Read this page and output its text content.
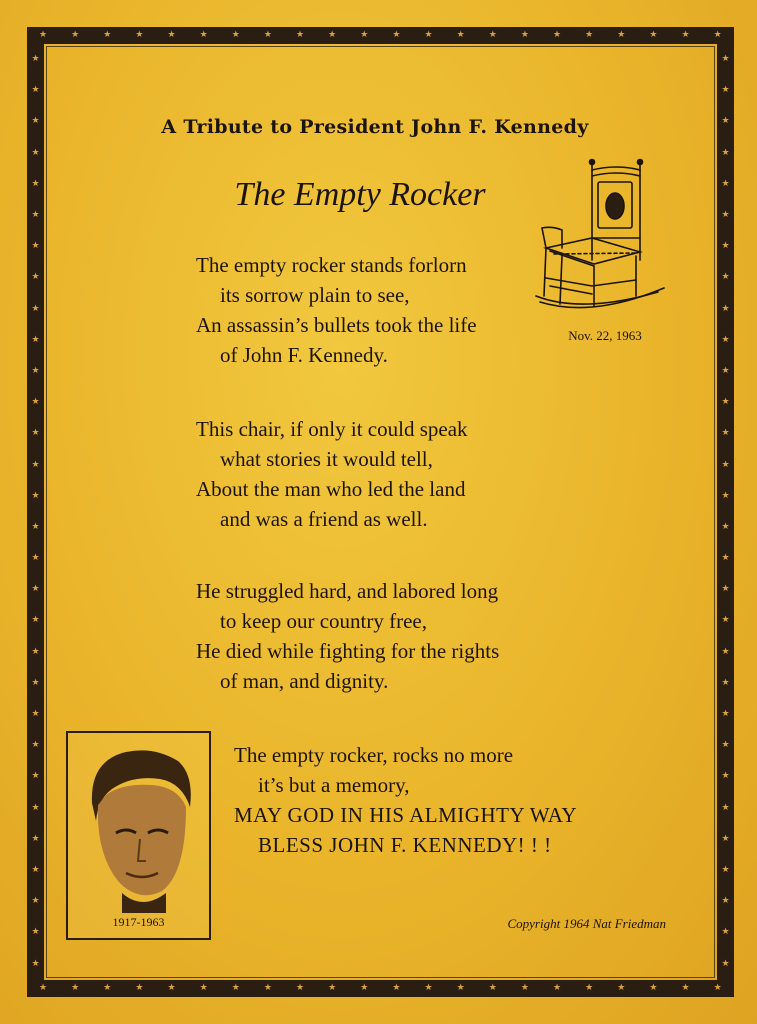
★	★	★	★	★	★	★	★	★	★	★	★	★	★	★	★	★	★	★	★	★	★
★	★	★	★	★	★	★	★	★	★	★	★	★	★	★	★	★	★	★	★	★	★
★
★
★
★
★
★
★
★
★
★
★
★
★
★
★
★
★
★
★
★
★
★
★
★
★
★
★
★
★
★
★
★
★
★
★
★
★
★
★
★
★
★
★
★
★
★
★
★
★
★
★
★
★
★
★
★
★
★
★
★
A Tribute to President John F. Kennedy
The Empty Rocker
The empty rocker stands forlorn
its sorrow plain to see,
An assassin’s bullets took the life
of John F. Kennedy.
This chair, if only it could speak
what stories it would tell,
About the man who led the land
and was a friend as well.
He struggled hard, and labored long
to keep our country free,
He died while fighting for the rights
of man, and dignity.
The empty rocker, rocks no more
it’s but a memory,
MAY GOD IN HIS ALMIGHTY WAY
BLESS JOHN F. KENNEDY! ! !
Nov. 22, 1963
1917-1963	Copyright 1964 Nat Friedman
